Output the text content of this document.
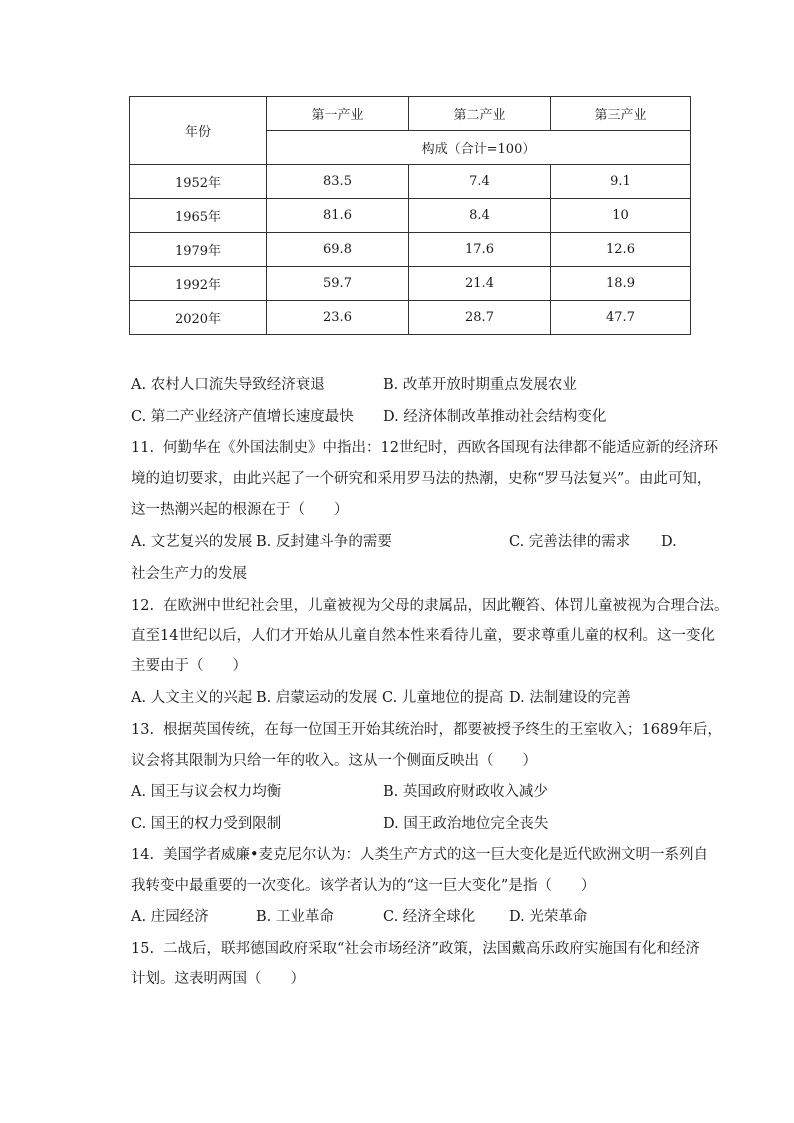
年份	第一产业	第二产业	第三产业
	构成（合计=100）		
1952年	83.5	7.4	9.1
1965年	81.6	8.4	10
1979年	69.8	17.6	12.6
1992年	59.7	21.4	18.9
2020年	23.6	28.7	47.7
A. 农村人口流失导致经济衰退	B. 改革开放时期重点发展农业
C. 第二产业经济产值增长速度最快 D. 经济体制改革推动社会结构变化
11. 何勤华在《外国法制史》中指出：12世纪时，西欧各国现有法律都不能适应新的经济环
境的迫切要求，由此兴起了一个研究和采用罗马法的热潮，史称“罗马法复兴”。由此可知，
这一热潮兴起的根源在于（　　）
A. 文艺复兴的发展 B. 反封建斗争的需要	C. 完善法律的需求 D.
社会生产力的发展
12. 在欧洲中世纪社会里，儿童被视为父母的隶属品，因此鞭笞、体罚儿童被视为合理合法。
直至14世纪以后，人们才开始从儿童自然本性来看待儿童，要求尊重儿童的权利。这一变化
主要由于（　　）
A. 人文主义的兴起 B. 启蒙运动的发展 C. 儿童地位的提高 D. 法制建设的完善
13. 根据英国传统，在每一位国王开始其统治时，都要被授予终生的王室收入；1689年后，
议会将其限制为只给一年的收入。这从一个侧面反映出（　　）
A. 国王与议会权力均衡	B. 英国政府财政收入减少
C. 国王的权力受到限制	D. 国王政治地位完全丧失
14. 美国学者威廉•麦克尼尔认为：人类生产方式的这一巨大变化是近代欧洲文明一系列自
我转变中最重要的一次变化。该学者认为的“这一巨大变化”是指（　　）
A. 庄园经济	B. 工业革命	C. 经济全球化 D. 光荣革命
15. 二战后，联邦德国政府采取“社会市场经济”政策，法国戴高乐政府实施国有化和经济
计划。这表明两国（　　）
